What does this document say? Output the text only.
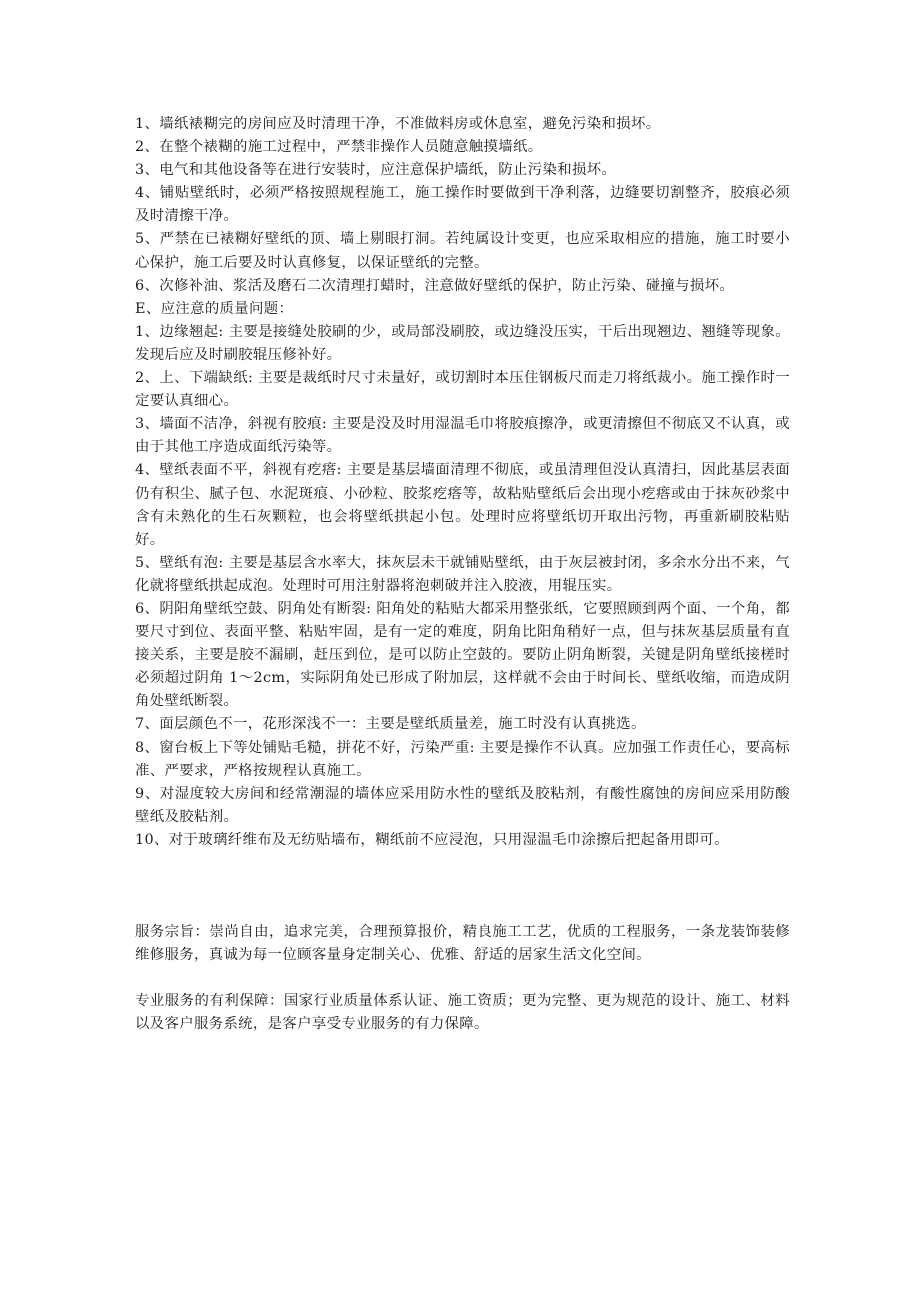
1、墙纸裱糊完的房间应及时清理干净，不准做料房或休息室，避免污染和损坏。

2、在整个裱糊的施工过程中，严禁非操作人员随意触摸墙纸。

3、电气和其他设备等在进行安装时，应注意保护墙纸，防止污染和损坏。

4、铺贴壁纸时，必须严格按照规程施工，施工操作时要做到干净利落，边缝要切割整齐，胶痕必须及时清擦干净。

5、严禁在已裱糊好壁纸的顶、墙上剔眼打洞。若纯属设计变更，也应采取相应的措施，施工时要小心保护，施工后要及时认真修复，以保证壁纸的完整。

6、次修补油、浆活及磨石二次清理打蜡时，注意做好壁纸的保护，防止污染、碰撞与损坏。

E、应注意的质量问题：

1、边缘翘起: 主要是接缝处胶刷的少，或局部没刷胶，或边缝没压实，干后出现翘边、翘缝等现象。发现后应及时刷胶辊压修补好。

2、上、下端缺纸: 主要是裁纸时尺寸未量好，或切割时本压住钢板尺而走刀将纸裁小。施工操作时一定要认真细心。

3、墙面不洁净，斜视有胶痕: 主要是没及时用湿温毛巾将胶痕擦净，或更清擦但不彻底又不认真，或由于其他工序造成面纸污染等。

4、壁纸表面不平，斜视有疙瘩: 主要是基层墙面清理不彻底，或虽清理但没认真清扫，因此基层表面仍有积尘、腻子包、水泥斑痕、小砂粒、胶浆疙瘩等，故粘贴壁纸后会出现小疙瘩或由于抹灰砂浆中含有未熟化的生石灰颗粒，也会将壁纸拱起小包。处理时应将壁纸切开取出污物，再重新刷胶粘贴好。

5、壁纸有泡: 主要是基层含水率大，抹灰层未干就铺贴壁纸，由于灰层被封闭，多余水分出不来，气化就将壁纸拱起成泡。处理时可用注射器将泡刺破并注入胶液，用辊压实。

6、阴阳角壁纸空鼓、阴角处有断裂: 阳角处的粘贴大都采用整张纸，它要照顾到两个面、一个角，都要尺寸到位、表面平整、粘贴牢固，是有一定的难度，阴角比阳角稍好一点，但与抹灰基层质量有直接关系，主要是胶不漏刷，赶压到位，是可以防止空鼓的。要防止阴角断裂，关键是阴角壁纸接槎时必须超过阴角 1～2cm，实际阴角处已形成了附加层，这样就不会由于时间长、壁纸收缩，而造成阴角处壁纸断裂。

7、面层颜色不一，花形深浅不一：主要是壁纸质量差，施工时没有认真挑选。

8、窗台板上下等处铺贴毛糙，拼花不好，污染严重: 主要是操作不认真。应加强工作责任心，要高标准、严要求，严格按规程认真施工。

9、对湿度较大房间和经常潮湿的墙体应采用防水性的壁纸及胶粘剂，有酸性腐蚀的房间应采用防酸壁纸及胶粘剂。

10、对于玻璃纤维布及无纺贴墙布，糊纸前不应浸泡，只用湿温毛巾涂擦后把起备用即可。

服务宗旨：崇尚自由，追求完美，合理预算报价，精良施工工艺，优质的工程服务，一条龙装饰装修维修服务，真诚为每一位顾客量身定制关心、优雅、舒适的居家生活文化空间。

专业服务的有利保障：国家行业质量体系认证、施工资质；更为完整、更为规范的设计、施工、材料以及客户服务系统，是客户享受专业服务的有力保障。
